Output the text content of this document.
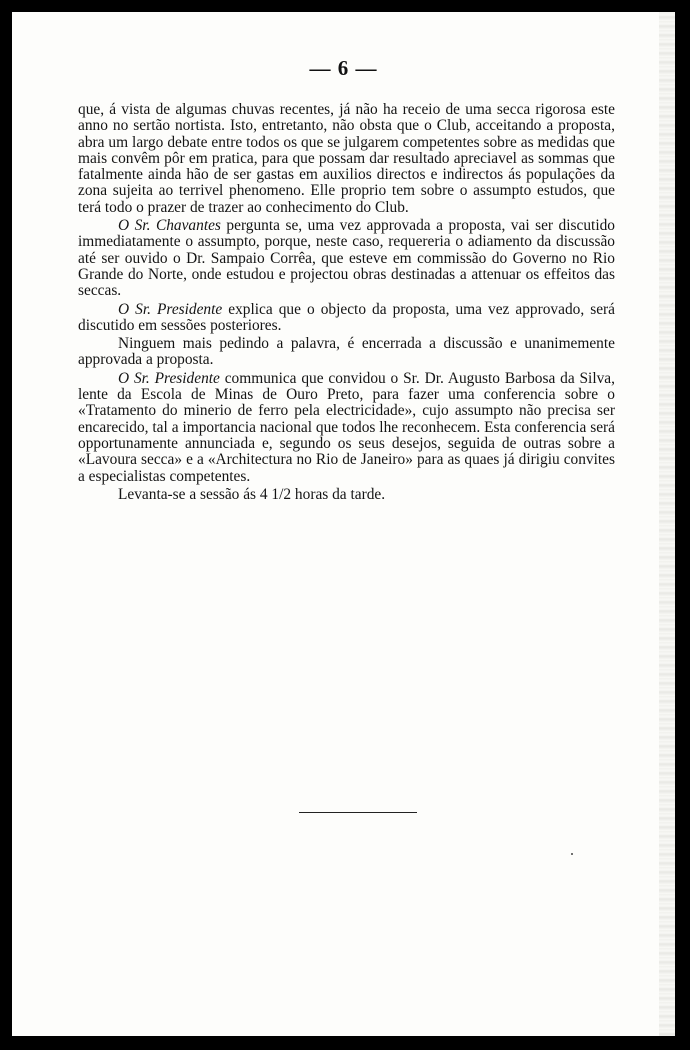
— 6 —

que, á vista de algumas chuvas recentes, já não ha receio de uma secca rigorosa este anno no sertão nortista. Isto, entretanto, não obsta que o Club, acceitando a proposta, abra um largo debate entre todos os que se julgarem competentes sobre as medidas que mais convêm pôr em pratica, para que possam dar resultado apreciavel as sommas que fatalmente ainda hão de ser gastas em auxilios directos e indirectos ás populações da zona sujeita ao terrivel phenomeno. Elle proprio tem sobre o assumpto estudos, que terá todo o prazer de trazer ao conhecimento do Club.

O Sr. Chavantes pergunta se, uma vez approvada a proposta, vai ser discutido immediatamente o assumpto, porque, neste caso, requereria o adiamento da discussão até ser ouvido o Dr. Sampaio Corrêa, que esteve em commissão do Governo no Rio Grande do Norte, onde estudou e projectou obras destinadas a attenuar os effeitos das seccas.

O Sr. Presidente explica que o objecto da proposta, uma vez approvado, será discutido em sessões posteriores.

Ninguem mais pedindo a palavra, é encerrada a discussão e unanimemente approvada a proposta.

O Sr. Presidente communica que convidou o Sr. Dr. Augusto Barbosa da Silva, lente da Escola de Minas de Ouro Preto, para fazer uma conferencia sobre o «Tratamento do minerio de ferro pela electricidade», cujo assumpto não precisa ser encarecido, tal a importancia nacional que todos lhe reconhecem. Esta conferencia será opportunamente annunciada e, segundo os seus desejos, seguida de outras sobre a «Lavoura secca» e a «Architectura no Rio de Janeiro» para as quaes já dirigiu convites a especialistas competentes.

Levanta-se a sessão ás 4 1/2 horas da tarde.
